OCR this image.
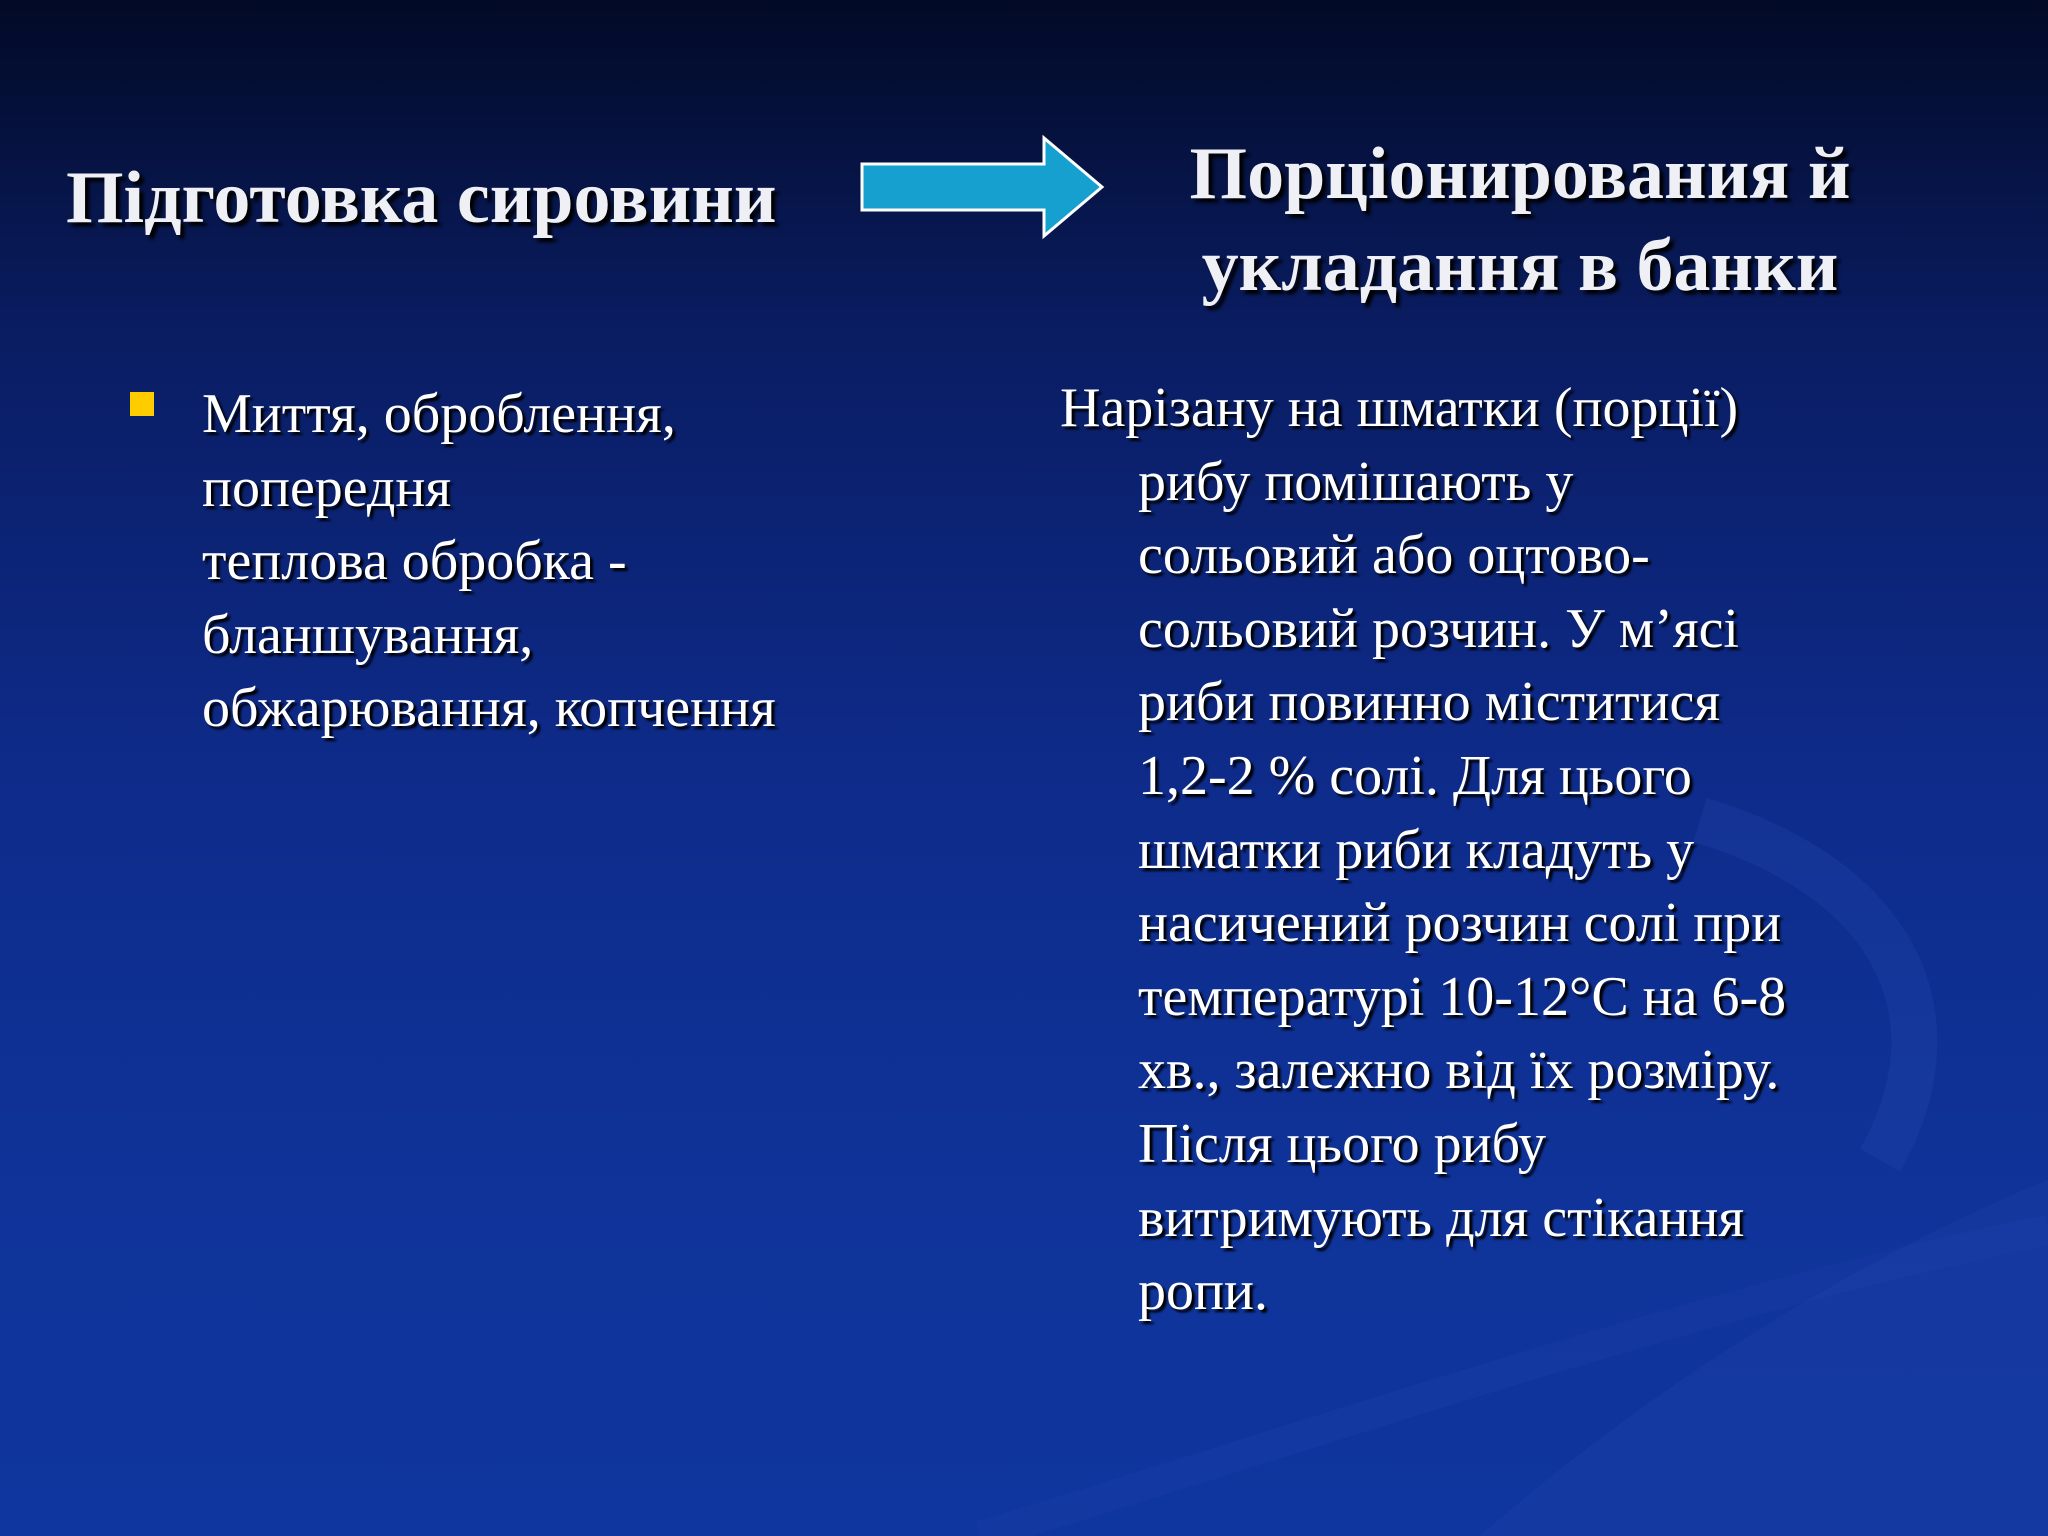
Підготовка сировини	Порціонирования й
укладання в банки
Миття, оброблення,
попередня
теплова обробка -
бланшування,
обжарювання, копчення
Нарізану на шматки (порції)
рибу помішають у
сольовий або оцтово-
сольовий розчин. У м’ясі
риби повинно міститися
1,2-2 % солі. Для цього
шматки риби кладуть у
насичений розчин солі при
температурі 10-12°С на 6-8
хв., залежно від їх розміру.
Після цього рибу
витримують для стікання
ропи.
